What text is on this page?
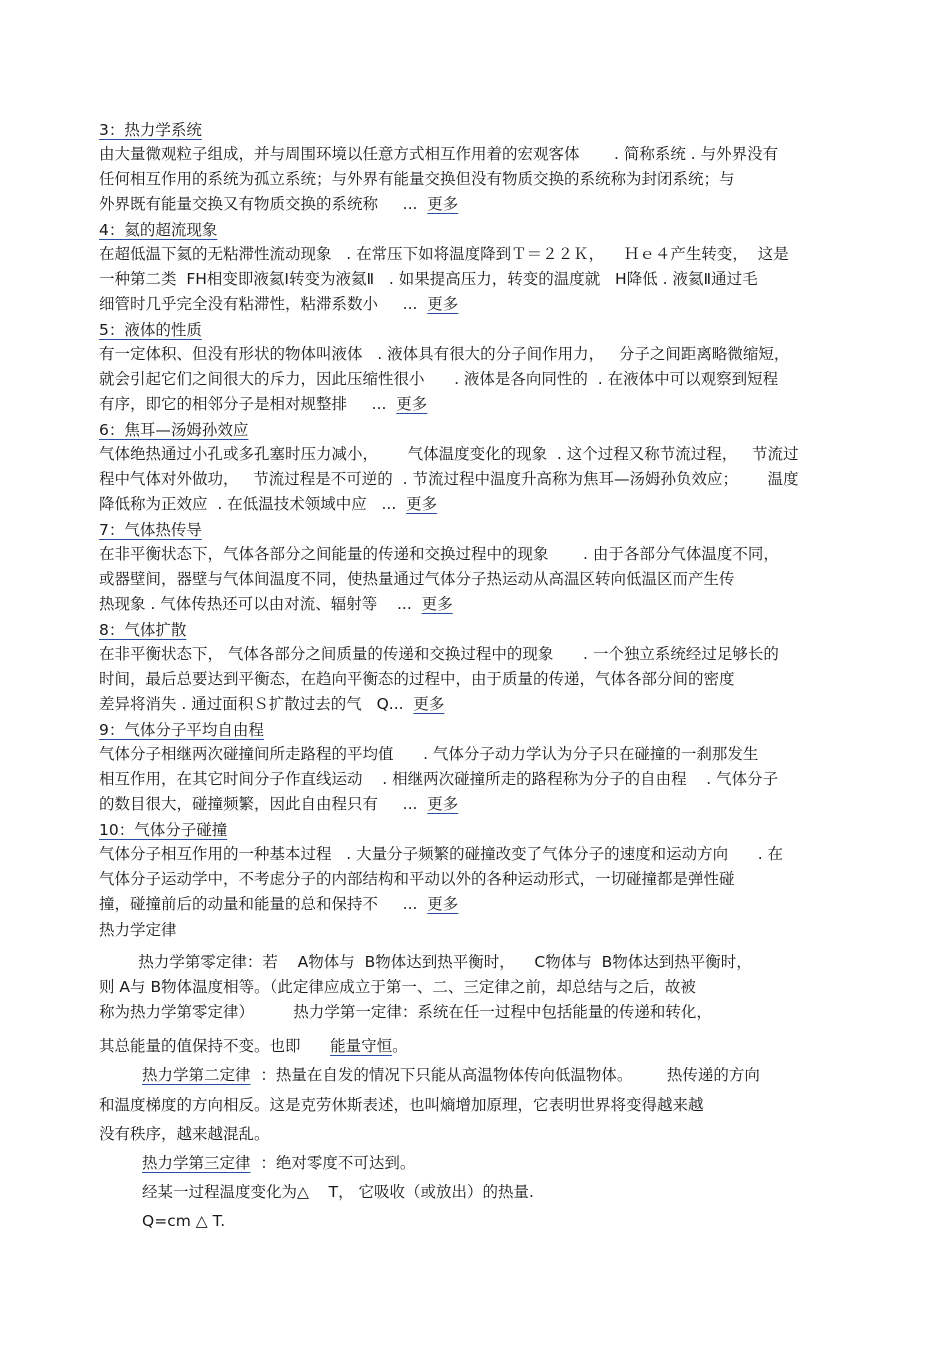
3：热力学系统
由大量微观粒子组成，并与周围环境以任意方式相互作用着的宏观客体       . 简称系统 . 与外界没有
任何相互作用的系统为孤立系统；与外界有能量交换但没有物质交换的系统称为封闭系统；与
外界既有能量交换又有物质交换的系统称     ...  更多
4：氦的超流现象
在超低温下氦的无粘滞性流动现象   . 在常压下如将温度降到Ｔ＝２２Ｋ，    Ｈｅ４产生转变，  这是
一种第二类  FH相变即液氦Ⅰ转变为液氦Ⅱ   . 如果提高压力，转变的温度就   H降低 . 液氦Ⅱ通过毛
细管时几乎完全没有粘滞性，粘滞系数小     ...  更多
5：液体的性质
有一定体积、但没有形状的物体叫液体   . 液体具有很大的分子间作用力，   分子之间距离略微缩短，
就会引起它们之间很大的斥力，因此压缩性很小      . 液体是各向同性的  . 在液体中可以观察到短程
有序，即它的相邻分子是相对规整排     ...  更多
6：焦耳—汤姆孙效应
气体绝热通过小孔或多孔塞时压力减小，      气体温度变化的现象  . 这个过程又称节流过程，   节流过
程中气体对外做功，   节流过程是不可逆的  . 节流过程中温度升高称为焦耳—汤姆孙负效应；      温度
降低称为正效应  . 在低温技术领域中应   ...  更多
7：气体热传导
在非平衡状态下，气体各部分之间能量的传递和交换过程中的现象       . 由于各部分气体温度不同，
或器壁间，器壁与气体间温度不同，使热量通过气体分子热运动从高温区转向低温区而产生传
热现象 . 气体传热还可以由对流、辐射等    ...  更多
8：气体扩散
在非平衡状态下， 气体各部分之间质量的传递和交换过程中的现象      . 一个独立系统经过足够长的
时间，最后总要达到平衡态，在趋向平衡态的过程中，由于质量的传递，气体各部分间的密度
差异将消失 . 通过面积Ｓ扩散过去的气   Q...  更多
9：气体分子平均自由程
气体分子相继两次碰撞间所走路程的平均值      . 气体分子动力学认为分子只在碰撞的一刹那发生
相互作用，在其它时间分子作直线运动    . 相继两次碰撞所走的路程称为分子的自由程    . 气体分子
的数目很大，碰撞频繁，因此自由程只有     ...  更多
10：气体分子碰撞
气体分子相互作用的一种基本过程   . 大量分子频繁的碰撞改变了气体分子的速度和运动方向      . 在
气体分子运动学中，不考虑分子的内部结构和平动以外的各种运动形式，一切碰撞都是弹性碰
撞，碰撞前后的动量和能量的总和保持不     ...  更多
热力学定律
热力学第零定律：若    A物体与  B物体达到热平衡时，    C物体与  B物体达到热平衡时，
则 A与 B物体温度相等。（此定律应成立于第一、二、三定律之前，却总结与之后，故被
称为热力学第零定律）        热力学第一定律：系统在任一过程中包括能量的传递和转化，
其总能量的值保持不变。也即      能量守恒。
热力学第二定律  ：热量在自发的情况下只能从高温物体传向低温物体。       热传递的方向
和温度梯度的方向相反。这是克劳休斯表述，也叫熵增加原理，它表明世界将变得越来越
没有秩序，越来越混乱。
热力学第三定律  ：绝对零度不可达到。
经某一过程温度变化为△    T， 它吸收（或放出）的热量.
Q=cm △ T.
